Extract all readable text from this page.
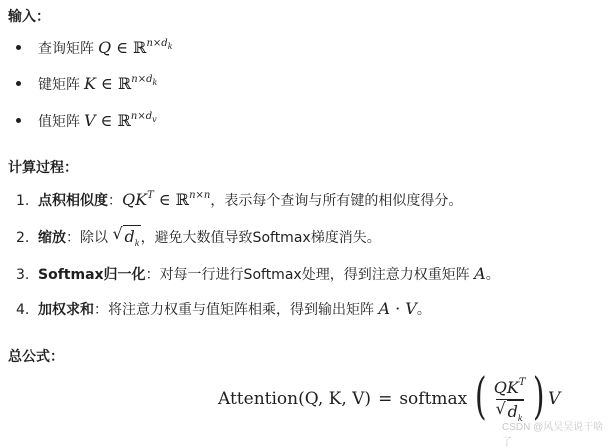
输入：
查询矩阵 Q ∈ ℝ$^{n\times d_k}$
键矩阵 K ∈ ℝ$^{n\times d_k}$
值矩阵 V ∈ ℝ$^{n\times d_v}$
计算过程：
1. 点积相似度：$QK^T$ ∈ ℝ$^{n\times n}$，表示每个查询与所有键的相似度得分。
2. 缩放：除以 √ $d_k$，避免大数值导致Softmax梯度消失。
3. Softmax归一化：对每一行进行Softmax处理，得到注意力权重矩阵 A。
4. 加权求和：将注意力权重与值矩阵相乘，得到输出矩阵 A · V。
总公式：
Attention(Q, K, V) = softmax ( $\frac{QK^T}{√ d_k}$ ) V
CSDN @风吴吴说干啥了
